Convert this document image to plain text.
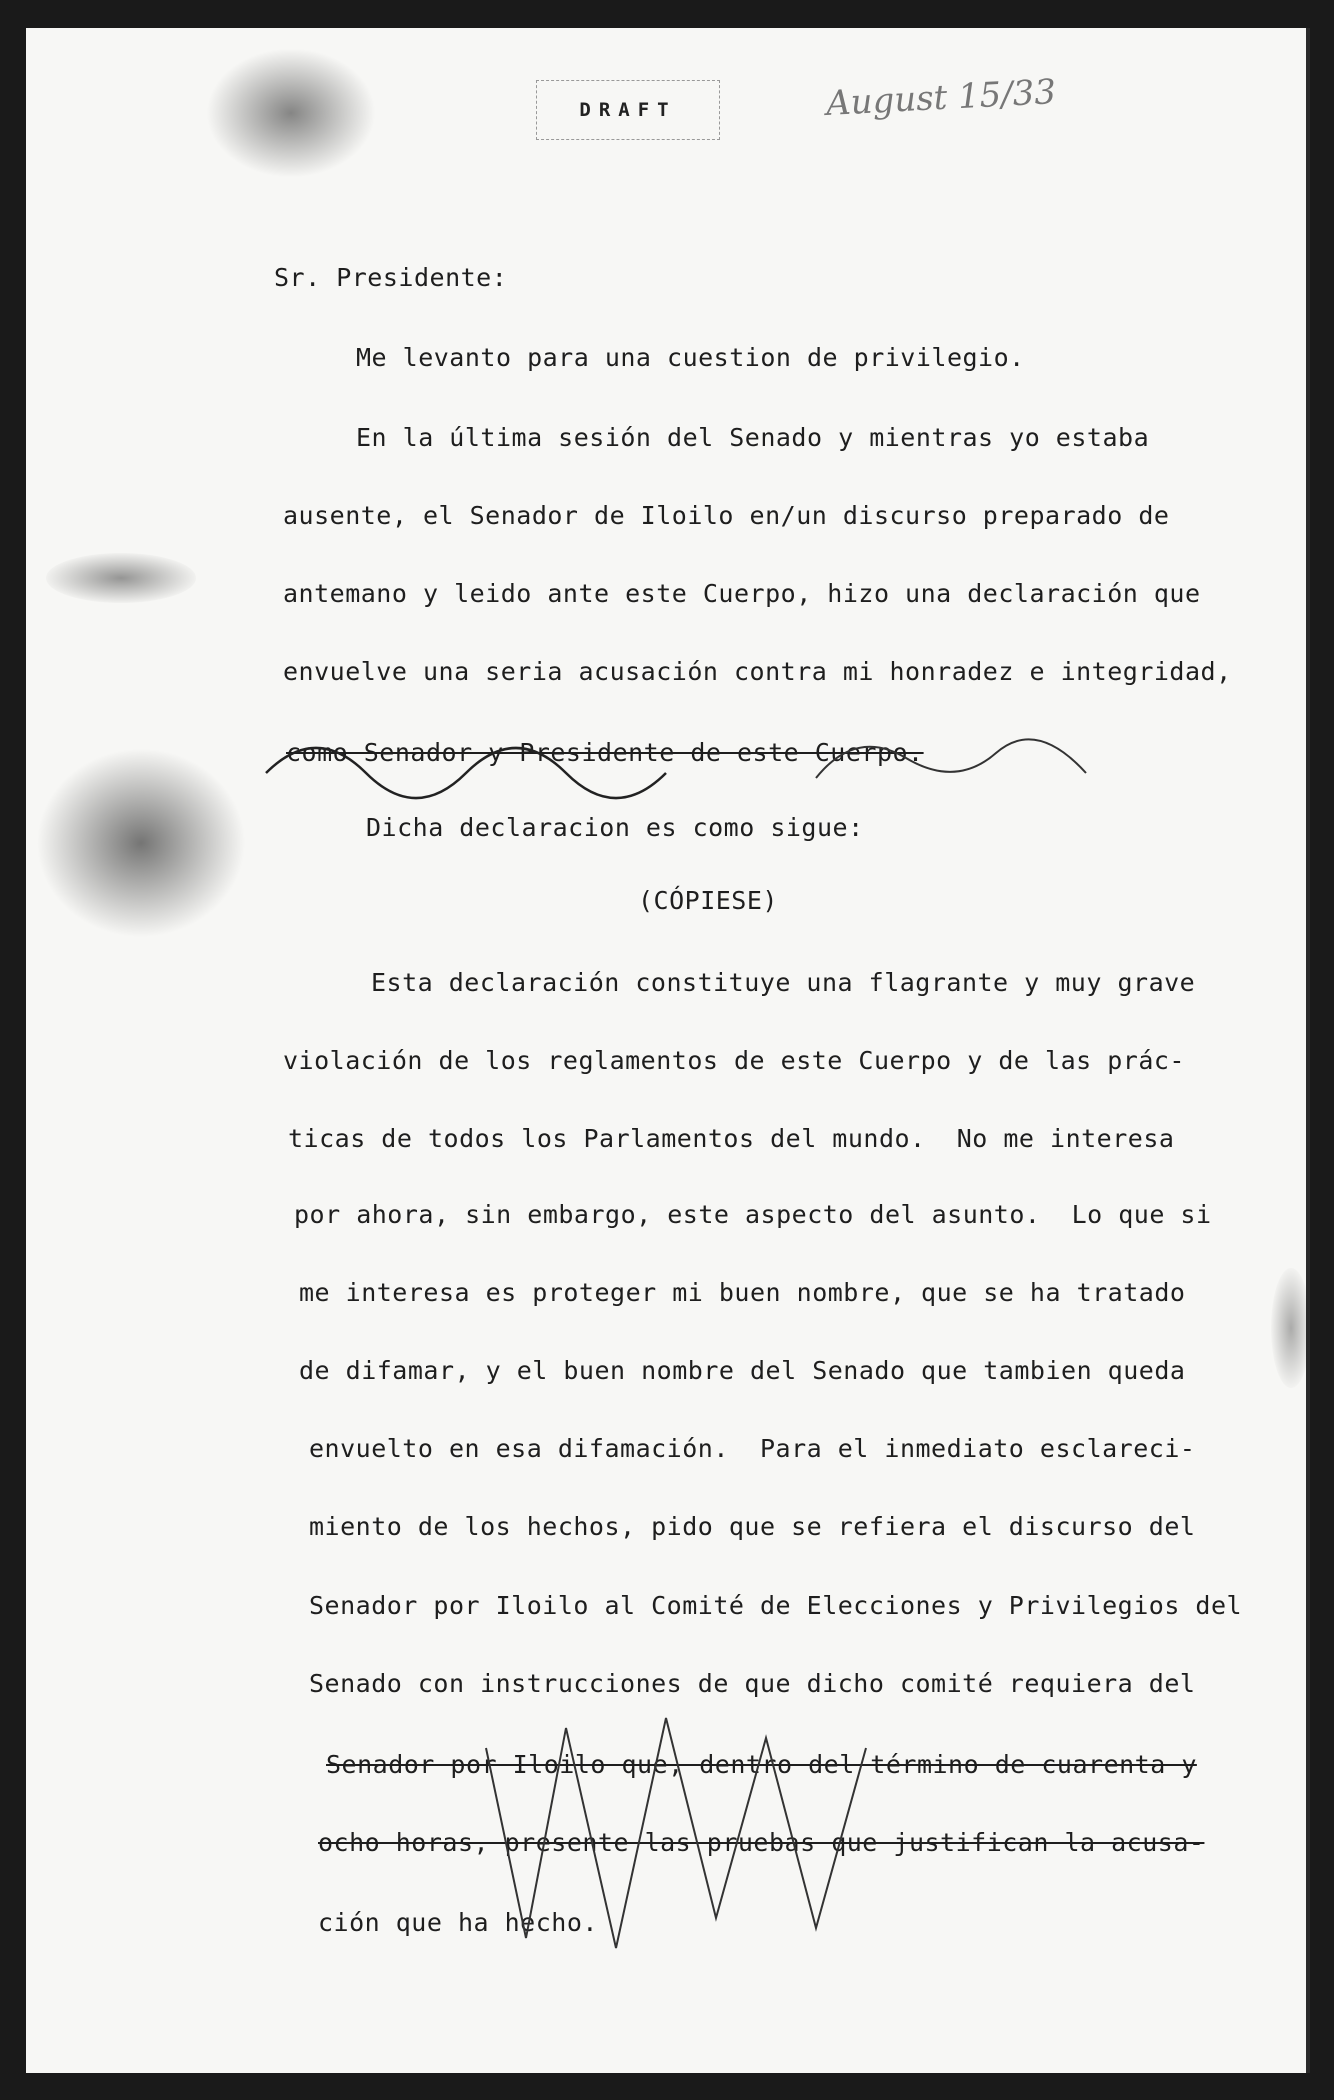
DRAFT	August 15/33
Sr. Presidente:
Me levanto para una cuestion de privilegio.
En la última sesión del Senado y mientras yo estaba
ausente, el Senador de Iloilo en/un discurso preparado de
antemano y leido ante este Cuerpo, hizo una declaración que
envuelve una seria acusación contra mi honradez e integridad,
como Senador y Presidente de este Cuerpo.
Dicha declaracion es como sigue:
(CÓPIESE)
Esta declaración constituye una flagrante y muy grave
violación de los reglamentos de este Cuerpo y de las prác-
ticas de todos los Parlamentos del mundo.  No me interesa
por ahora, sin embargo, este aspecto del asunto.  Lo que si
me interesa es proteger mi buen nombre, que se ha tratado
de difamar, y el buen nombre del Senado que tambien queda
envuelto en esa difamación.  Para el inmediato esclareci-
miento de los hechos, pido que se refiera el discurso del
Senador por Iloilo al Comité de Elecciones y Privilegios del
Senado con instrucciones de que dicho comité requiera del
Senador por Iloilo que, dentro del término de cuarenta y
ocho horas, presente las pruebas que justifican la acusa-
ción que ha hecho.
